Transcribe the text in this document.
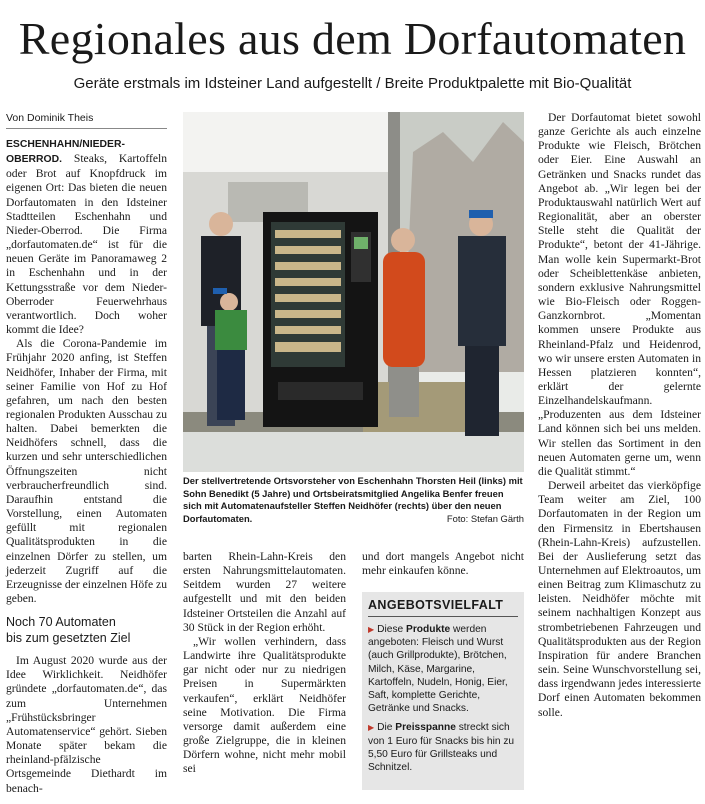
Regionales aus dem Dorfautomaten
Geräte erstmals im Idsteiner Land aufgestellt / Breite Produktpalette mit Bio-Qualität
Von Dominik Theis

ESCHENHAHN/NIEDER-OBERROD. Steaks, Kartoffeln oder Brot auf Knopfdruck im eigenen Ort: Das bieten die neuen Dorfautomaten in den Idsteiner Stadtteilen Eschenhahn und Nieder-Oberrod. Die Firma „dorfautomaten.de“ ist für die neuen Geräte im Panoramaweg 2 in Eschenhahn und in der Kettungsstraße vor dem Nieder-Oberroder Feuerwehrhaus verantwortlich. Doch woher kommt die Idee?

Als die Corona-Pandemie im Frühjahr 2020 anfing, ist Steffen Neidhöfer, Inhaber der Firma, mit seiner Familie von Hof zu Hof gefahren, um nach den besten regionalen Produkten Ausschau zu halten. Dabei bemerkten die Neidhöfers schnell, dass die kurzen und sehr unterschiedlichen Öffnungszeiten nicht verbraucherfreundlich sind. Daraufhin entstand die Vorstellung, einen Automaten gefüllt mit regionalen Qualitätsprodukten in die einzelnen Dörfer zu stellen, um jederzeit Zugriff auf die Erzeugnisse der einzelnen Höfe zu geben.

Noch 70 Automaten
bis zum gesetzten Ziel

Im August 2020 wurde aus der Idee Wirklichkeit. Neidhöfer gründete „dorfautomaten.de“, das zum Unternehmen „Frühstücksbringer Automatenservice“ gehört. Sieben Monate später bekam die rheinland-pfälzische Ortsgemeinde Diethardt im benach-

Der stellvertretende Ortsvorsteher von Eschenhahn Thorsten Heil (links) mit Sohn Benedikt (5 Jahre) und Ortsbeiratsmitglied Angelika Benfer freuen sich mit Automatenaufsteller Steffen Neidhöfer (rechts) über den neuen Dorfautomaten.	Foto: Stefan Gärth

barten Rhein-Lahn-Kreis den ersten Nahrungsmittelautomaten. Seitdem wurden 27 weitere aufgestellt und mit den beiden Idsteiner Ortsteilen die Anzahl auf 30 Stück in der Region erhöht.

„Wir wollen verhindern, dass Landwirte ihre Qualitätsprodukte gar nicht oder nur zu niedrigen Preisen in Supermärkten verkaufen“, erklärt Neidhöfer seine Motivation. Die Firma versorge damit außerdem eine große Zielgruppe, die in kleinen Dörfern wohne, nicht mehr mobil sei

und dort mangels Angebot nicht mehr einkaufen könne.

ANGEBOTSVIELFALT
▶ Diese Produkte werden angeboten: Fleisch und Wurst (auch Grillprodukte), Brötchen, Milch, Käse, Margarine, Kartoffeln, Nudeln, Honig, Eier, Saft, komplette Gerichte, Getränke und Snacks.
▶ Die Preisspanne streckt sich von 1 Euro für Snacks bis hin zu 5,50 Euro für Grillsteaks und Schnitzel.

Der Dorfautomat bietet sowohl ganze Gerichte als auch einzelne Produkte wie Fleisch, Brötchen oder Eier. Eine Auswahl an Getränken und Snacks rundet das Angebot ab. „Wir legen bei der Produktauswahl natürlich Wert auf Regionalität, aber an oberster Stelle steht die Qualität der Produkte“, betont der 41-Jährige. Man wolle kein Supermarkt-Brot oder Scheiblettenkäse anbieten, sondern exklusive Nahrungsmittel wie Bio-Fleisch oder Roggen-Ganzkornbrot. „Momentan kommen unsere Produkte aus Rheinland-Pfalz und Heidenrod, wo wir unsere ersten Automaten in Hessen platzieren konnten“, erklärt der gelernte Einzelhandelskaufmann. „Produzenten aus dem Idsteiner Land können sich bei uns melden. Wir stellen das Sortiment in den neuen Automaten gerne um, wenn die Qualität stimmt.“

Derweil arbeitet das vierköpfige Team weiter am Ziel, 100 Dorfautomaten in der Region um den Firmensitz in Ebertshausen (Rhein-Lahn-Kreis) aufzustellen. Bei der Auslieferung setzt das Unternehmen auf Elektroautos, um einen Beitrag zum Klimaschutz zu leisten. Neidhöfer möchte mit seinem nachhaltigen Konzept aus strombetriebenen Fahrzeugen und Qualitätsprodukten aus der Region Inspiration für andere Branchen sein. Seine Wunschvorstellung sei, dass irgendwann jedes interessierte Dorf einen Automaten bekommen solle.
